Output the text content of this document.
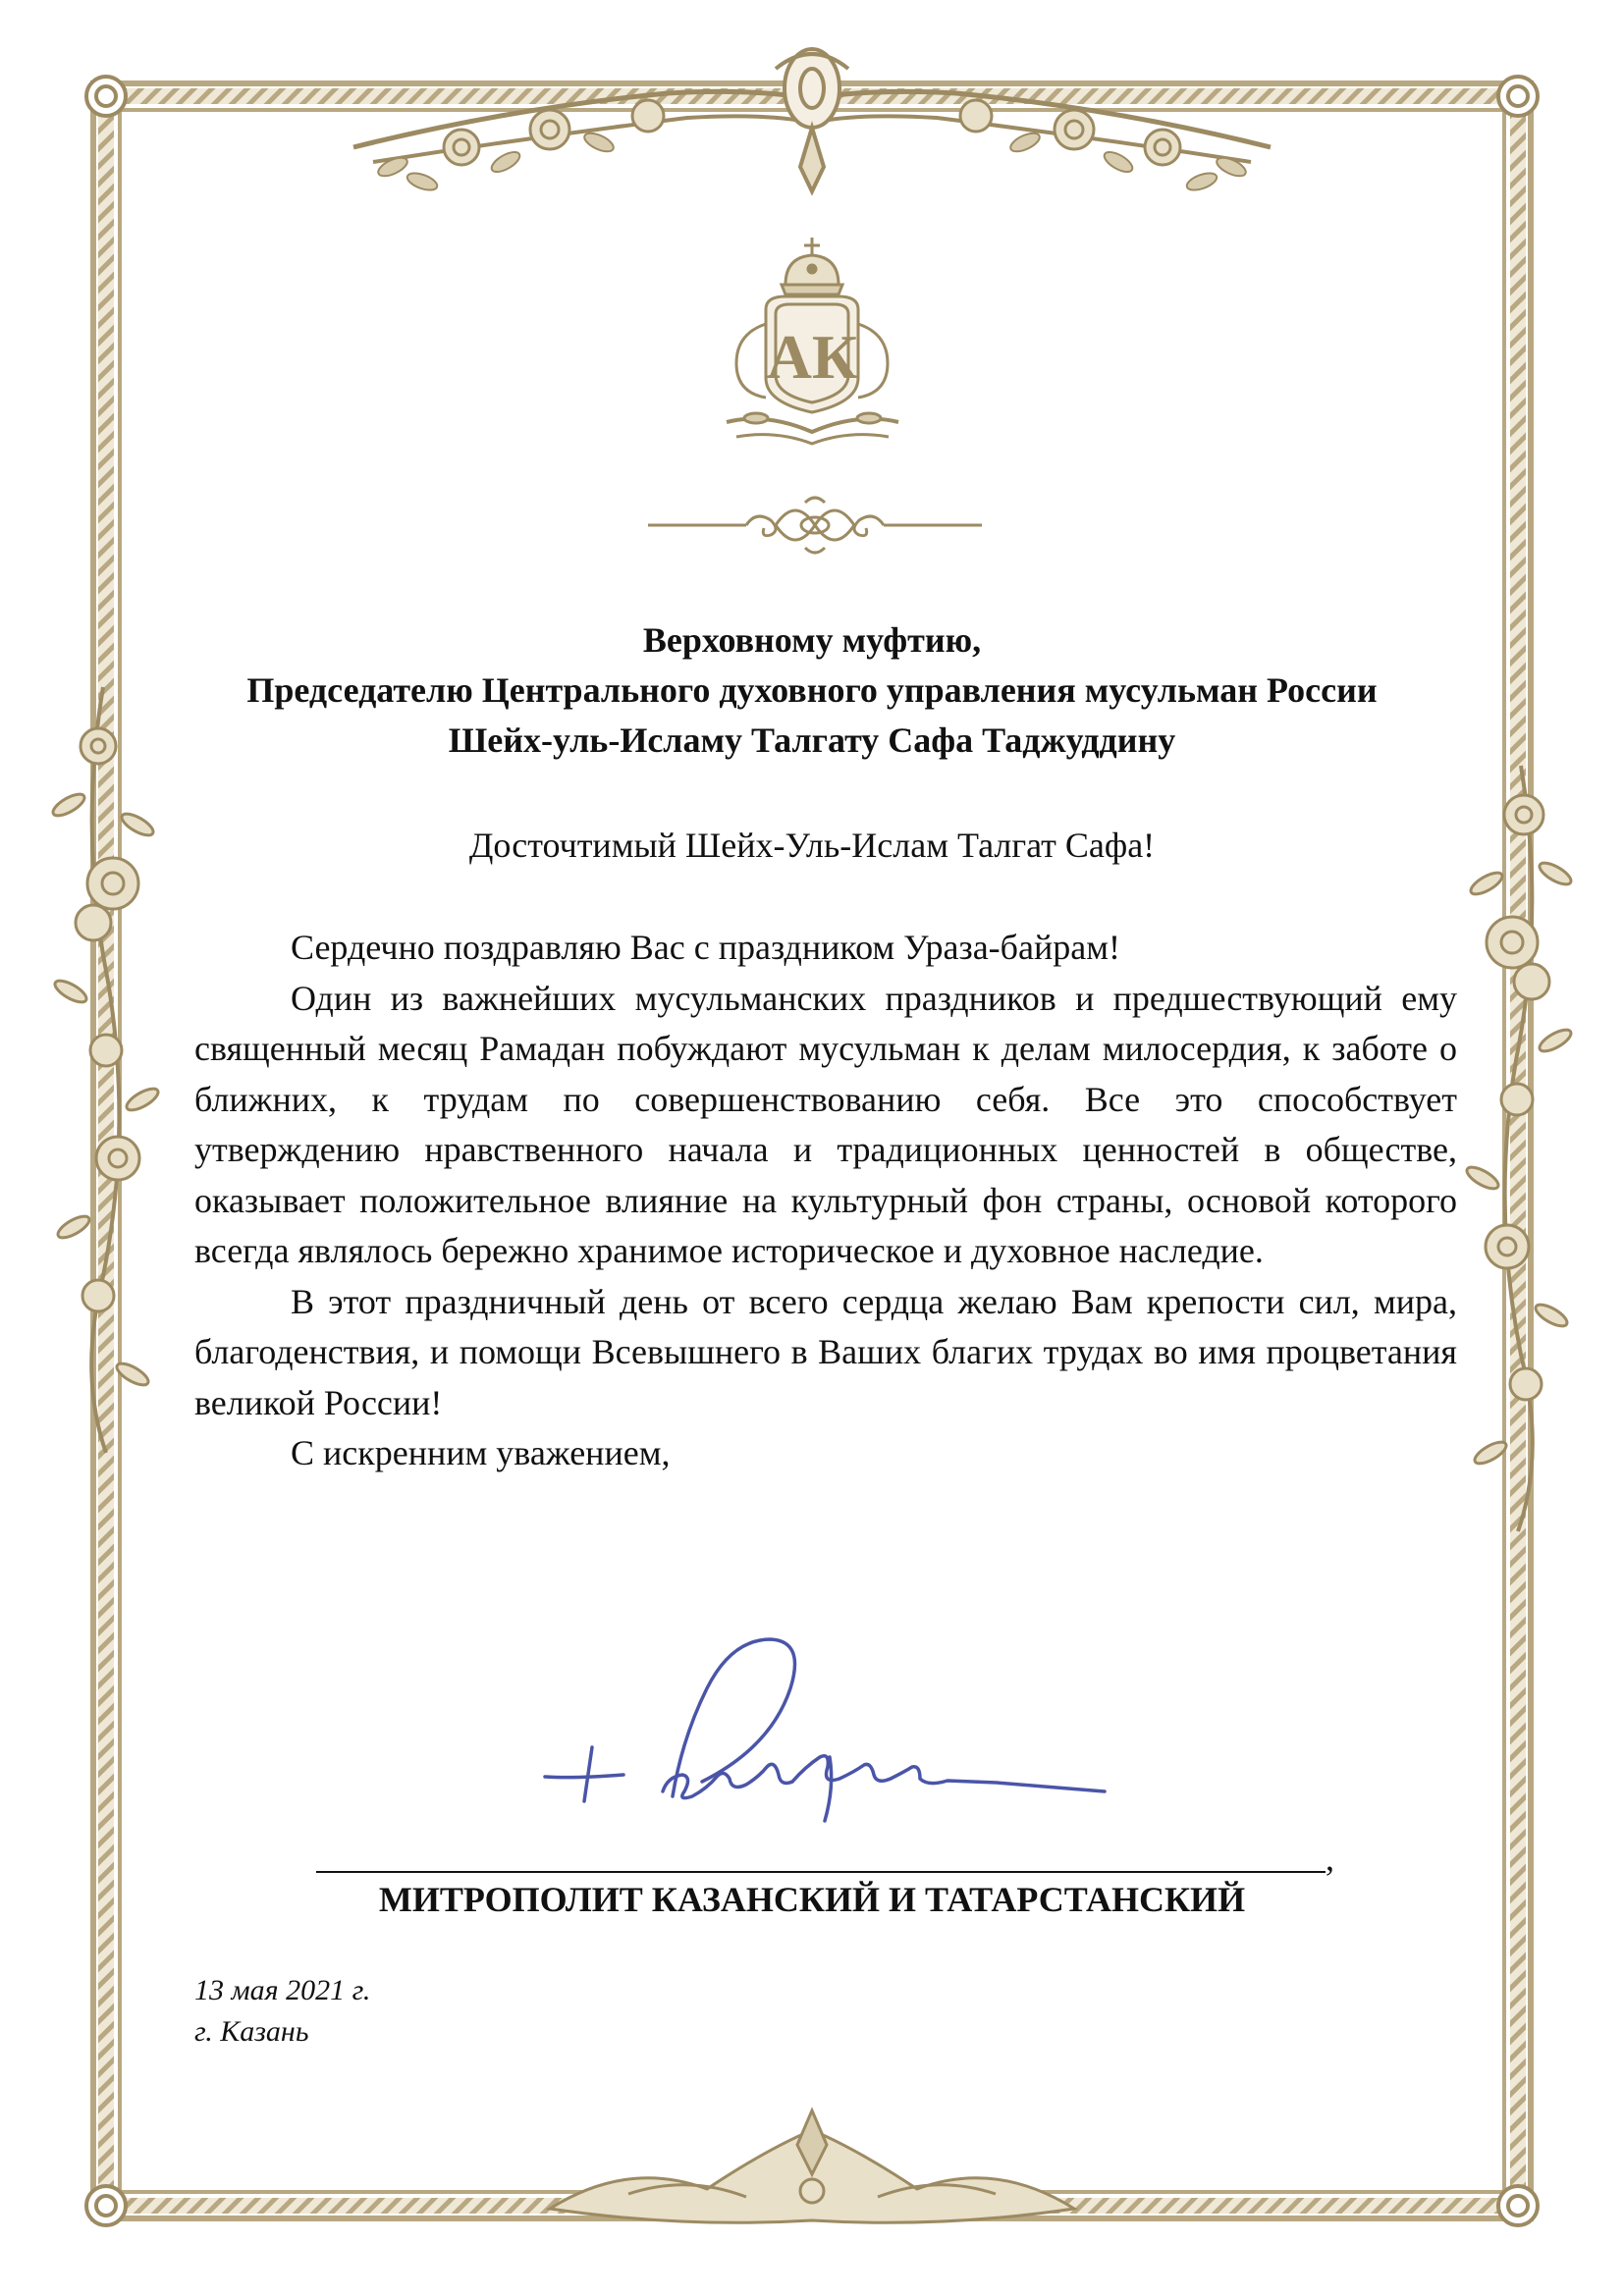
АК
Верховному муфтию,
Председателю Центрального духовного управления мусульман России
Шейх-уль-Исламу Талгату Сафа Таджуддину
Досточтимый Шейх-Уль-Ислам Талгат Сафа!

Сердечно поздравляю Вас с праздником Ураза-байрам!

Один из важнейших мусульманских праздников и предшествующий ему священный месяц Рамадан побуждают мусульман к делам милосердия, к заботе о ближних, к трудам по совершенствованию себя. Все это способствует утверждению нравственного начала и традиционных ценностей в обществе, оказывает положительное влияние на культурный фон страны, основой которого всегда являлось бережно хранимое историческое и духовное наследие.

В этот праздничный день от всего сердца желаю Вам крепости сил, мира, благоденствия, и помощи Всевышнего в Ваших благих трудах во имя процветания великой России!

С искренним уважением,

,
МИТРОПОЛИТ КАЗАНСКИЙ И ТАТАРСТАНСКИЙ
13 мая 2021 г.
г. Казань
